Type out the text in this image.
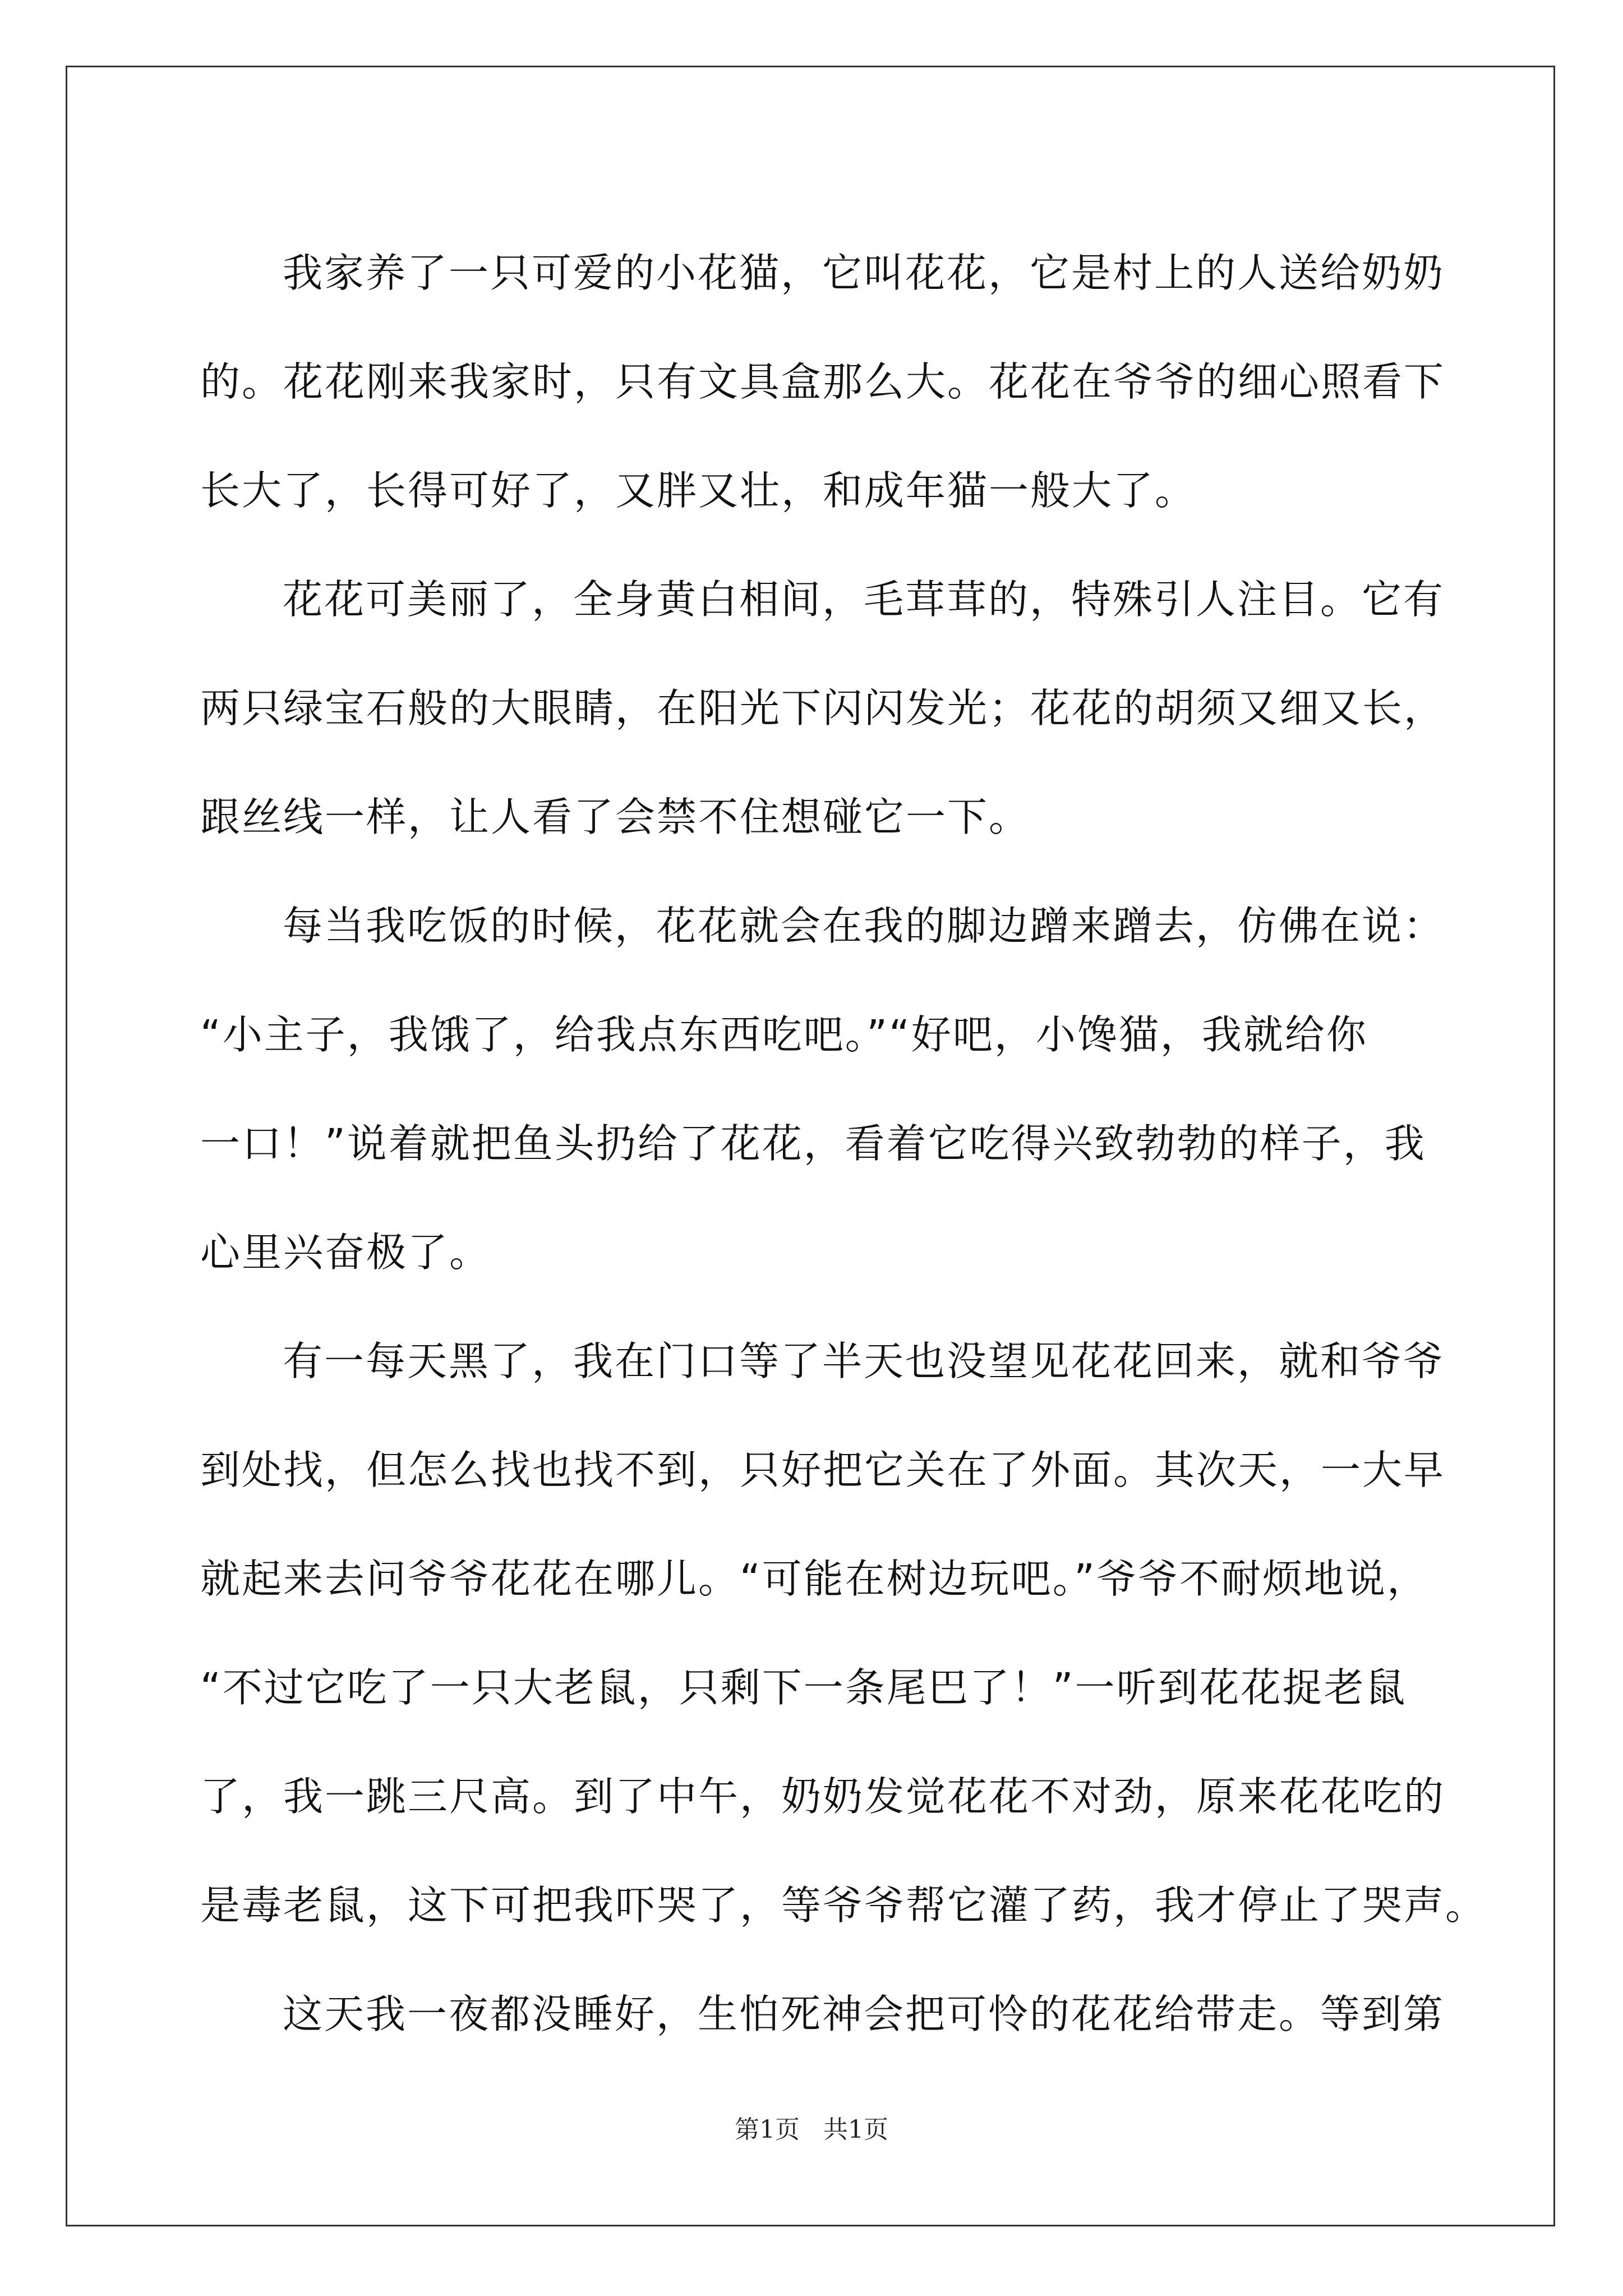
我家养了一只可爱的小花猫，它叫花花，它是村上的人送给奶奶
的。花花刚来我家时，只有文具盒那么大。花花在爷爷的细心照看下
长大了，长得可好了，又胖又壮，和成年猫一般大了。
花花可美丽了，全身黄白相间，毛茸茸的，特殊引人注目。它有
两只绿宝石般的大眼睛，在阳光下闪闪发光；花花的胡须又细又长，
跟丝线一样，让人看了会禁不住想碰它一下。
每当我吃饭的时候，花花就会在我的脚边蹭来蹭去，仿佛在说：
“小主子，我饿了，给我点东西吃吧。”“好吧，小馋猫，我就给你
一口！”说着就把鱼头扔给了花花，看着它吃得兴致勃勃的样子，我
心里兴奋极了。
有一每天黑了，我在门口等了半天也没望见花花回来，就和爷爷
到处找，但怎么找也找不到，只好把它关在了外面。其次天，一大早
就起来去问爷爷花花在哪儿。“可能在树边玩吧。”爷爷不耐烦地说，
“不过它吃了一只大老鼠，只剩下一条尾巴了！”一听到花花捉老鼠
了，我一跳三尺高。到了中午，奶奶发觉花花不对劲，原来花花吃的
是毒老鼠，这下可把我吓哭了，等爷爷帮它灌了药，我才停止了哭声。
这天我一夜都没睡好，生怕死神会把可怜的花花给带走。等到第
第1页   共1页
